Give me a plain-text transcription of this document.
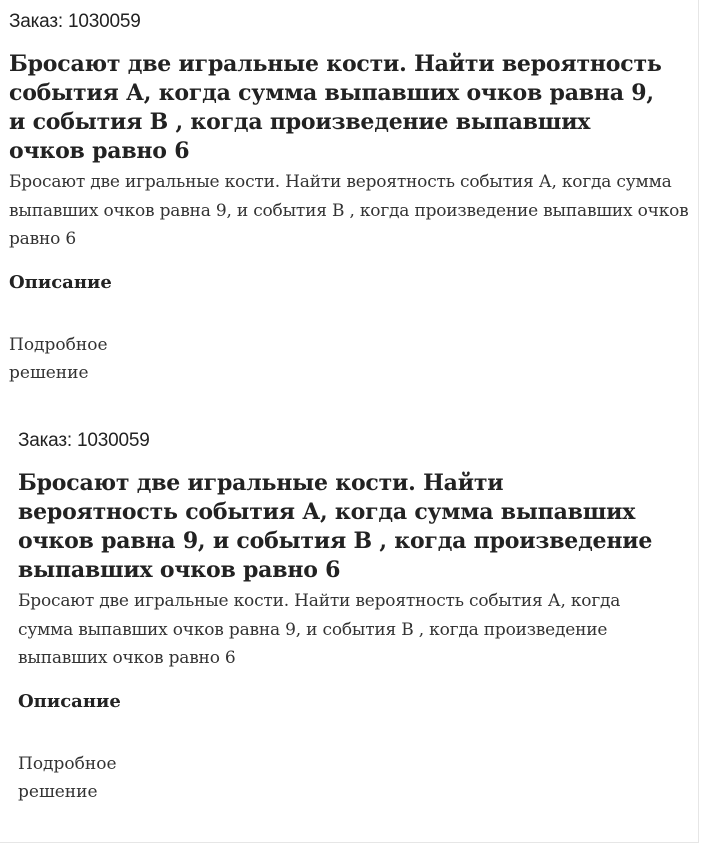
Заказ: 1030059
Бросают две игральные кости. Найти вероятность события А, когда сумма выпавших очков равна 9, и события В , когда произведение выпавших очков равно 6
Бросают две игральные кости. Найти вероятность события А, когда сумма выпавших очков равна 9, и события В , когда произведение выпавших очков равно 6
Описание
Подробное решение
Заказ: 1030059
Бросают две игральные кости. Найти вероятность события А, когда сумма выпавших очков равна 9, и события В , когда произведение выпавших очков равно 6
Бросают две игральные кости. Найти вероятность события А, когда сумма выпавших очков равна 9, и события В , когда произведение выпавших очков равно 6
Описание
Подробное решение
